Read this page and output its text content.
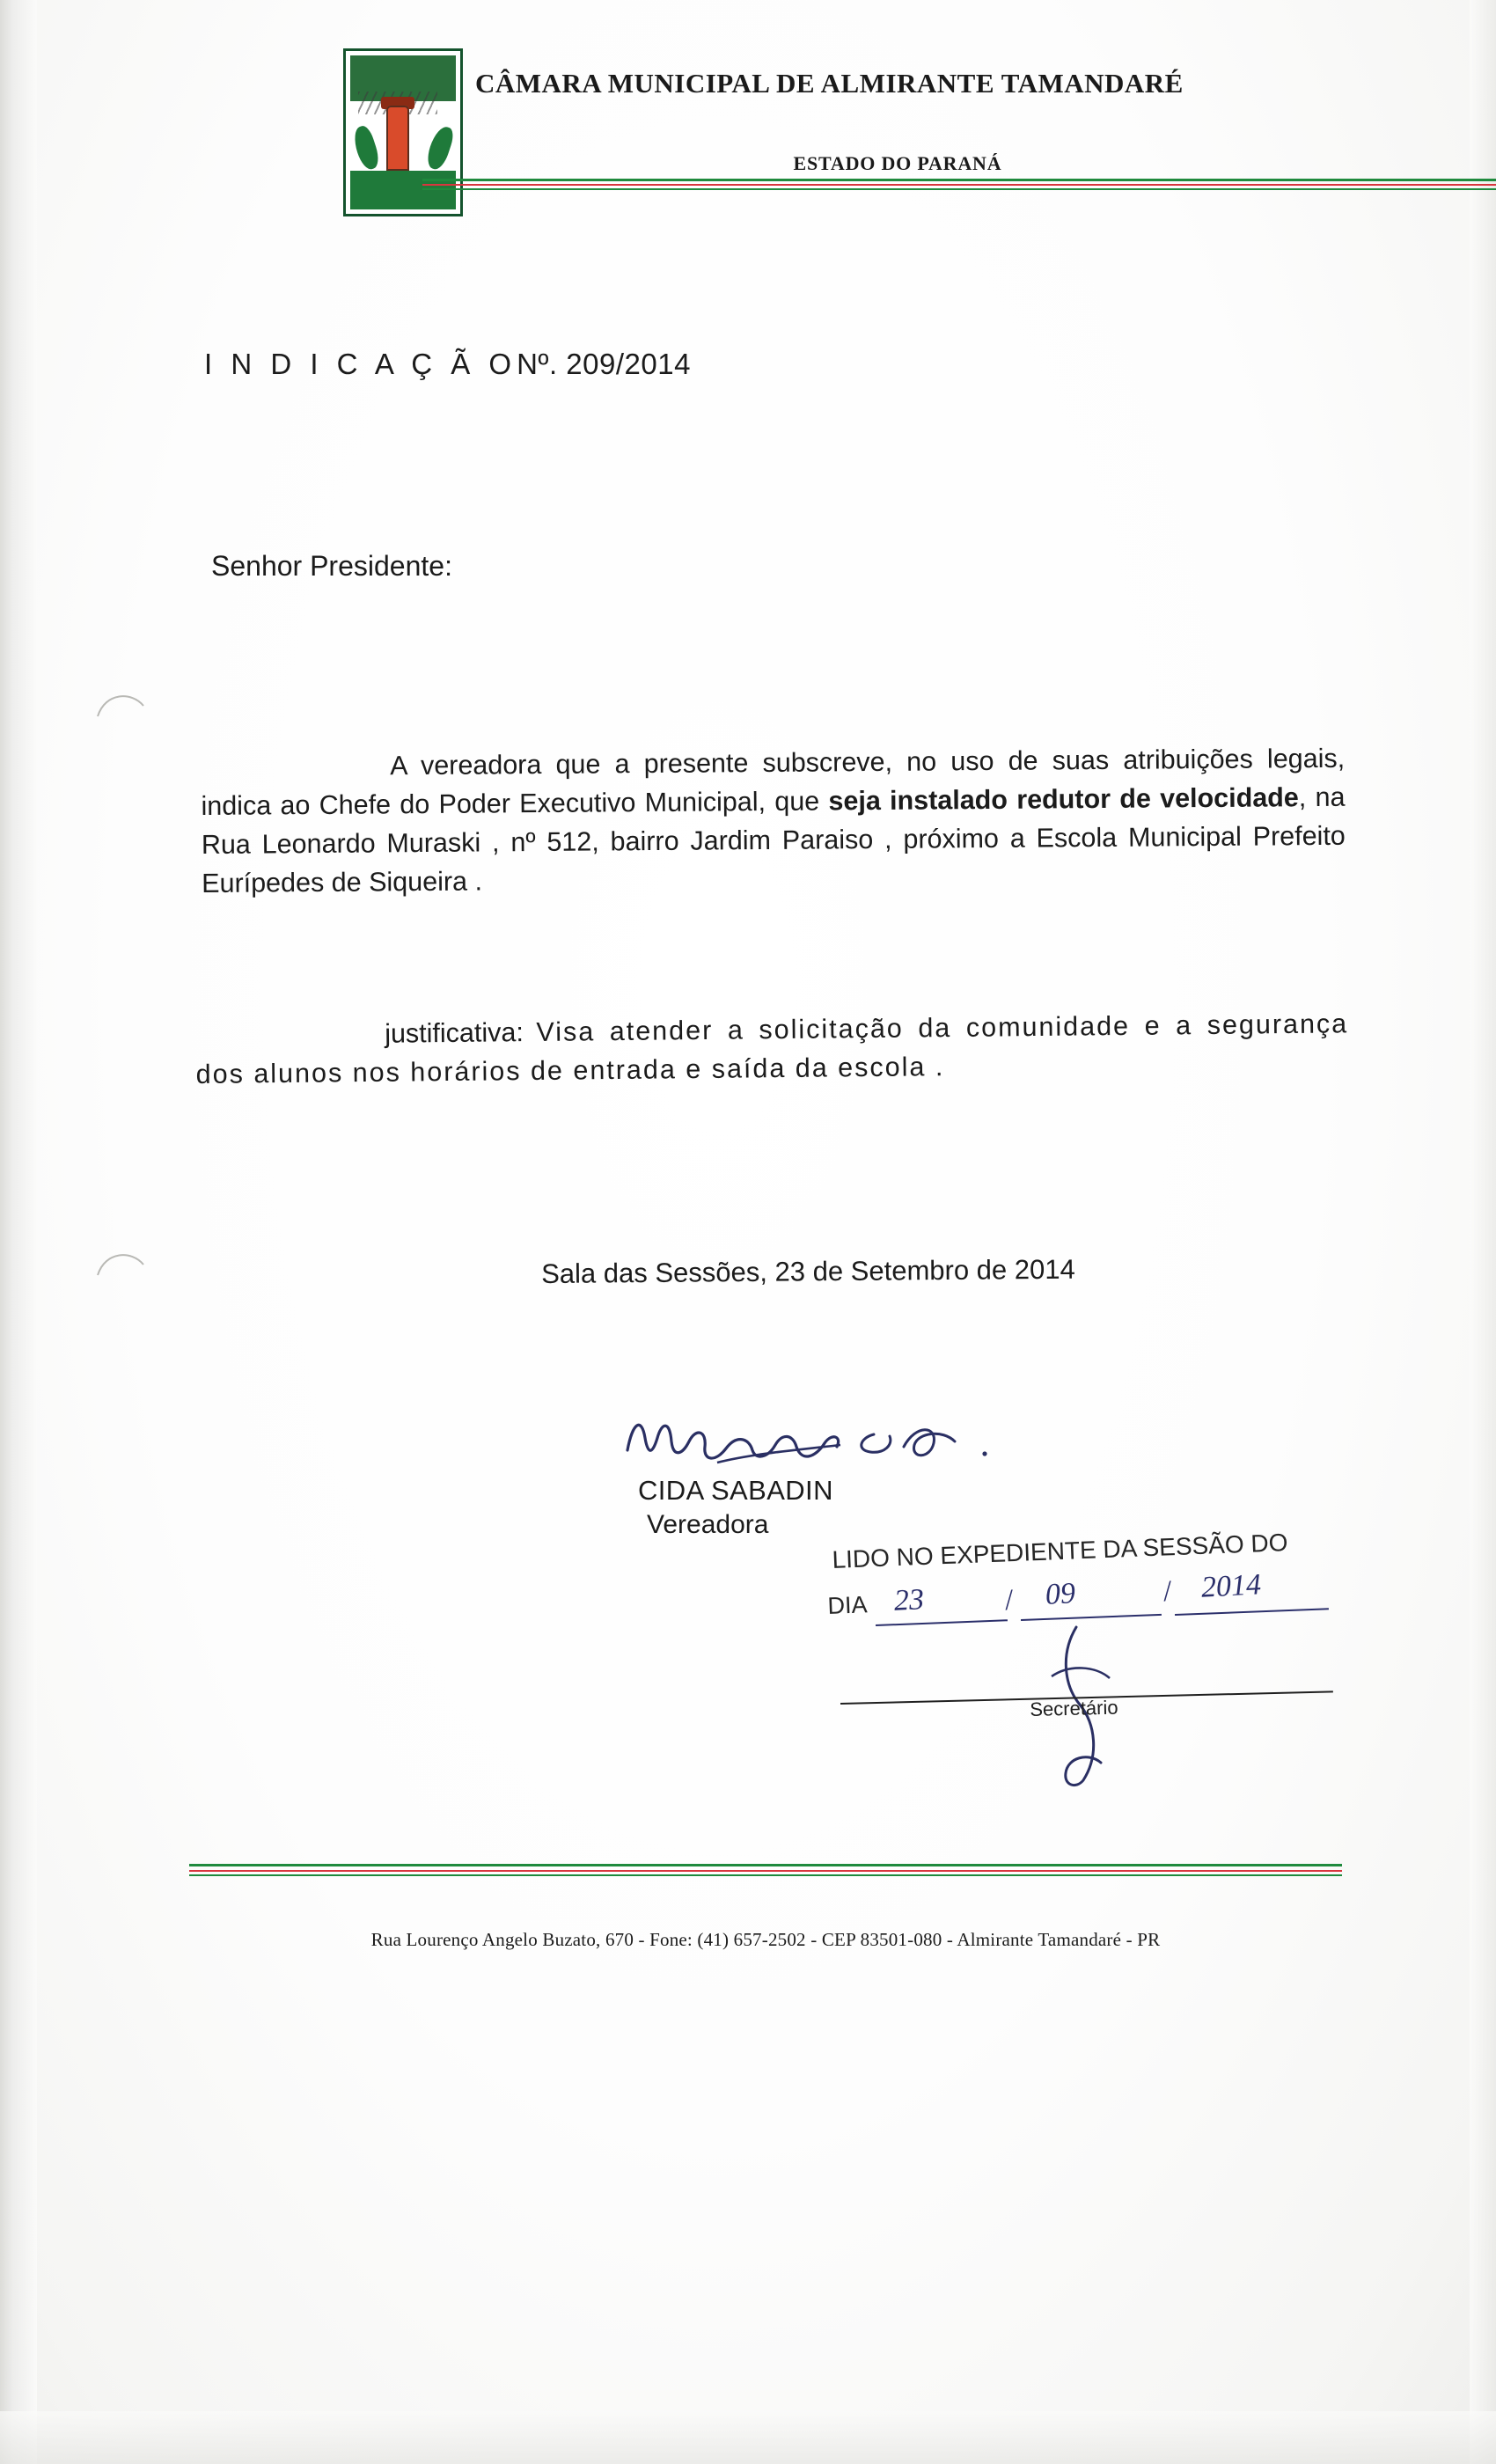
CÂMARA MUNICIPAL DE ALMIRANTE TAMANDARÉ
ESTADO DO PARANÁ
I N D I C A Ç Ã ONº. 209/2014
Senhor Presidente:
A vereadora que a presente subscreve, no uso de suas atribuições legais, indica ao Chefe do Poder Executivo Municipal, que seja instalado redutor de velocidade, na Rua Leonardo Muraski , nº 512, bairro Jardim Paraiso , próximo a Escola Municipal Prefeito Eurípedes de Siqueira .
justificativa: Visa atender a solicitação da comunidade e a segurança dos alunos nos horários de entrada e saída da escola .
Sala das Sessões, 23 de Setembro de 2014
CIDA SABADIN
Vereadora
LIDO NO EXPEDIENTE DA SESSÃO DO
DIA 23	/ 09	/ 2014
Secretário
Rua Lourenço Angelo Buzato, 670 - Fone: (41) 657-2502 - CEP 83501-080 - Almirante Tamandaré - PR
